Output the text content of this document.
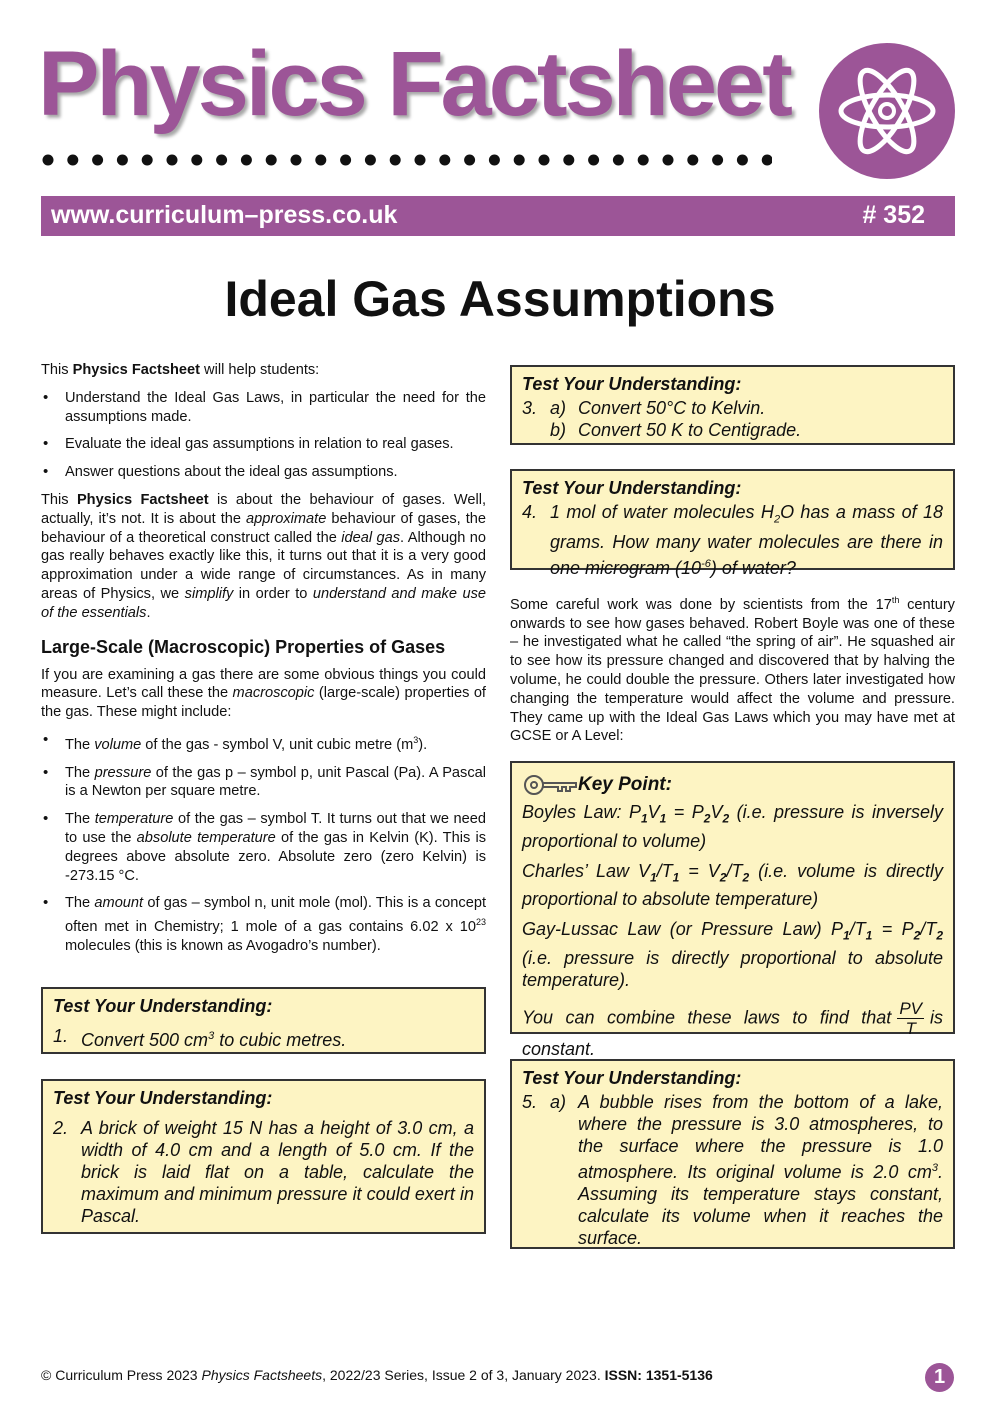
Physics Factsheet
www.curriculum–press.co.uk	# 352
Ideal Gas Assumptions

This Physics Factsheet will help students:

• Understand the Ideal Gas Laws, in particular the need for the assumptions made.
• Evaluate the ideal gas assumptions in relation to real gases.
• Answer questions about the ideal gas assumptions.

This Physics Factsheet is about the behaviour of gases. Well, actually, it’s not. It is about the approximate behaviour of gases, the behaviour of a theoretical construct called the ideal gas. Although no gas really behaves exactly like this, it turns out that it is a very good approximation under a wide range of circumstances. As in many areas of Physics, we simplify in order to understand and make use of the essentials.

Large-Scale (Macroscopic) Properties of Gases

If you are examining a gas there are some obvious things you could measure. Let’s call these the macroscopic (large-scale) properties of the gas. These might include:

• The volume of the gas - symbol V, unit cubic metre $(m^3)$.
• The pressure of the gas p – symbol p, unit Pascal (Pa). A Pascal is a Newton per square metre.
• The temperature of the gas – symbol T. It turns out that we need to use the absolute temperature of the gas in Kelvin (K). This is degrees above absolute zero. Absolute zero (zero Kelvin) is -273.15 °C.
• The amount of gas – symbol n, unit mole (mol). This is a concept often met in Chemistry; 1 mole of a gas contains 6.02 x $10^{23}$ molecules (this is known as Avogadro’s number).
Test Your Understanding:
1. Convert 500 $cm^3$ to cubic metres.
Test Your Understanding:
2. A brick of weight 15 N has a height of 3.0 cm, a width of 4.0 cm and a length of 5.0 cm. If the brick is laid flat on a table, calculate the maximum and minimum pressure it could exert in Pascal.
Test Your Understanding:
3. a) Convert 50°C to Kelvin.
b) Convert 50 K to Centigrade.
Test Your Understanding:
4. 1 mol of water molecules $H_2O$ has a mass of 18 grams. How many water molecules are there in one microgram $(10^{-6})$ of water?

Some careful work was done by scientists from the 17th century onwards to see how gases behaved. Robert Boyle was one of these – he investigated what he called “the spring of air”. He squashed air to see how its pressure changed and discovered that by halving the volume, he could double the pressure. Others later investigated how changing the temperature would affect the volume and pressure. They came up with the Ideal Gas Laws which you may have met at GCSE or A Level:

Key Point:

Boyles Law: $P_1V_1 = P_2V_2$ (i.e. pressure is inversely proportional to volume)

Charles’ Law $V_1/T_1 = V_2/T_2$ (i.e. volume is directly proportional to absolute temperature)

Gay-Lussac Law (or Pressure Law) $P_1/T_1 = P_2/T_2$ (i.e. pressure is directly proportional to absolute temperature).

You can combine these laws to find that $\frac{PV}{T}$ is constant.

Test Your Understanding:
5. a) A bubble rises from the bottom of a lake, where the pressure is 3.0 atmospheres, to the surface where the pressure is 1.0 atmosphere. Its original volume is 2.0 $cm^3$. Assuming its temperature stays constant, calculate its volume when it reaches the surface.
© Curriculum Press 2023 Physics Factsheets, 2022/23 Series, Issue 2 of 3, January 2023. ISSN: 1351-5136	1
